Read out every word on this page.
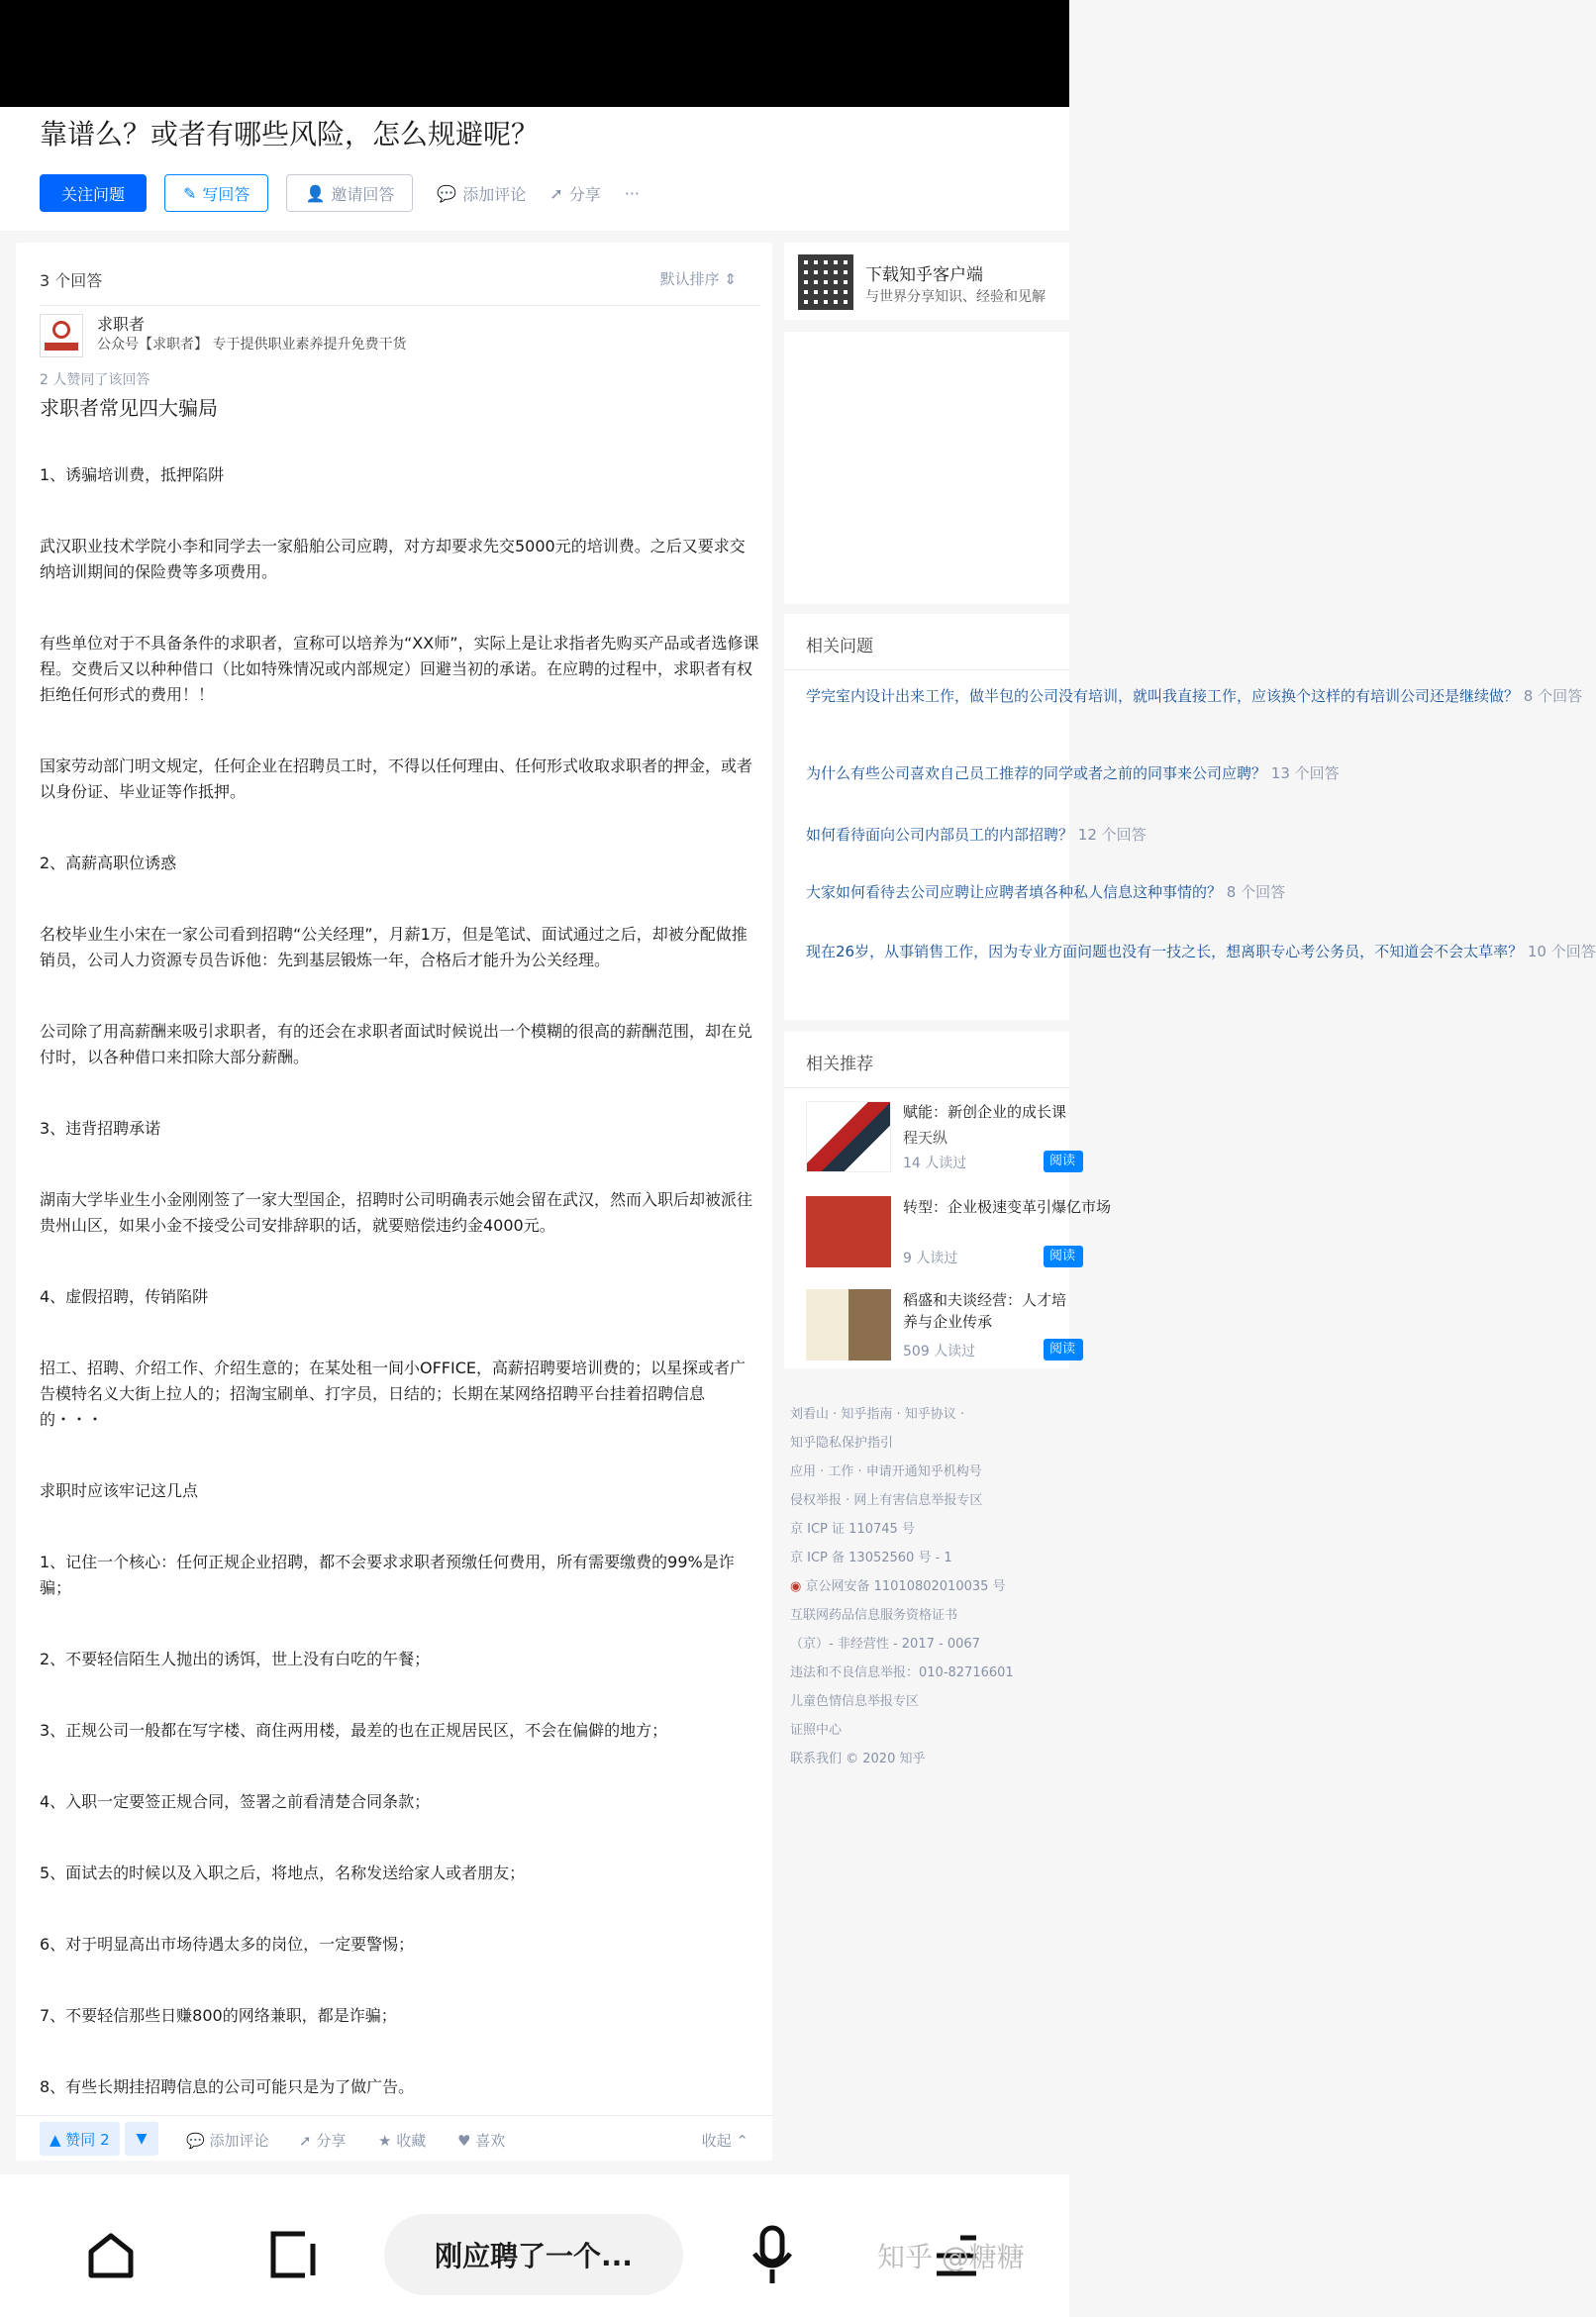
靠谱么？或者有哪些风险，怎么规避呢？
关注问题	✎ 写回答	👤 邀请回答	💬 添加评论 ➚ 分享 ···
3 个回答	默认排序 ⇕
求职者
公众号【求职者】 专于提供职业素养提升免费干货
2 人赞同了该回答
求职者常见四大骗局

1、诱骗培训费，抵押陷阱

武汉职业技术学院小李和同学去一家船舶公司应聘，对方却要求先交5000元的培训费。之后又要求交纳培训期间的保险费等多项费用。

有些单位对于不具备条件的求职者，宣称可以培养为“XX师”，实际上是让求指者先购买产品或者选修课程。交费后又以种种借口（比如特殊情况或内部规定）回避当初的承诺。在应聘的过程中，求职者有权拒绝任何形式的费用！！

国家劳动部门明文规定，任何企业在招聘员工时，不得以任何理由、任何形式收取求职者的押金，或者以身份证、毕业证等作抵押。

2、高薪高职位诱惑

名校毕业生小宋在一家公司看到招聘“公关经理”，月薪1万，但是笔试、面试通过之后，却被分配做推销员，公司人力资源专员告诉他：先到基层锻炼一年，合格后才能升为公关经理。

公司除了用高薪酬来吸引求职者，有的还会在求职者面试时候说出一个模糊的很高的薪酬范围，却在兑付时，以各种借口来扣除大部分薪酬。

3、违背招聘承诺

湖南大学毕业生小金刚刚签了一家大型国企，招聘时公司明确表示她会留在武汉，然而入职后却被派往贵州山区，如果小金不接受公司安排辞职的话，就要赔偿违约金4000元。

4、虚假招聘，传销陷阱

招工、招聘、介绍工作、介绍生意的；在某处租一间小OFFICE，高薪招聘要培训费的；以星探或者广告模特名义大街上拉人的；招淘宝刷单、打字员，日结的；长期在某网络招聘平台挂着招聘信息的・・・

求职时应该牢记这几点

1、记住一个核心：任何正规企业招聘，都不会要求求职者预缴任何费用，所有需要缴费的99%是诈骗；

2、不要轻信陌生人抛出的诱饵，世上没有白吃的午餐；

3、正规公司一般都在写字楼、商住两用楼，最差的也在正规居民区，不会在偏僻的地方；

4、入职一定要签正规合同，签署之前看清楚合同条款；

5、面试去的时候以及入职之后，将地点，名称发送给家人或者朋友；

6、对于明显高出市场待遇太多的岗位，一定要警惕；

7、不要轻信那些日赚800的网络兼职，都是诈骗；

8、有些长期挂招聘信息的公司可能只是为了做广告。

▲ 赞同 2	▼	💬 添加评论 ➚ 分享 ★ 收藏 ♥ 喜欢	收起 ⌃
下载知乎客户端
与世界分享知识、经验和见解
相关问题
学完室内设计出来工作，做半包的公司没有培训，就叫我直接工作，应该换个这样的有培训公司还是继续做？ 8 个回答
为什么有些公司喜欢自己员工推荐的同学或者之前的同事来公司应聘？ 13 个回答
如何看待面向公司内部员工的内部招聘？ 12 个回答
大家如何看待去公司应聘让应聘者填各种私人信息这种事情的？ 8 个回答
现在26岁，从事销售工作，因为专业方面问题也没有一技之长，想离职专心考公务员，不知道会不会太草率？ 10 个回答
相关推荐
赋能：新创企业的成长课
程天纵
14 人读过	阅读
转型：企业极速变革引爆亿市场
9 人读过	阅读
稻盛和夫谈经营：人才培养与企业传承
509 人读过	阅读
刘看山 · 知乎指南 · 知乎协议 ·
知乎隐私保护指引
应用 · 工作 · 申请开通知乎机构号
侵权举报 · 网上有害信息举报专区
京 ICP 证 110745 号
京 ICP 备 13052560 号 - 1
◉ 京公网安备 11010802010035 号
互联网药品信息服务资格证书
（京）- 非经营性 - 2017 - 0067
违法和不良信息举报：010-82716601
儿童色情信息举报专区
证照中心
联系我们 © 2020 知乎
刚应聘了一个...	知乎 @糖糖
